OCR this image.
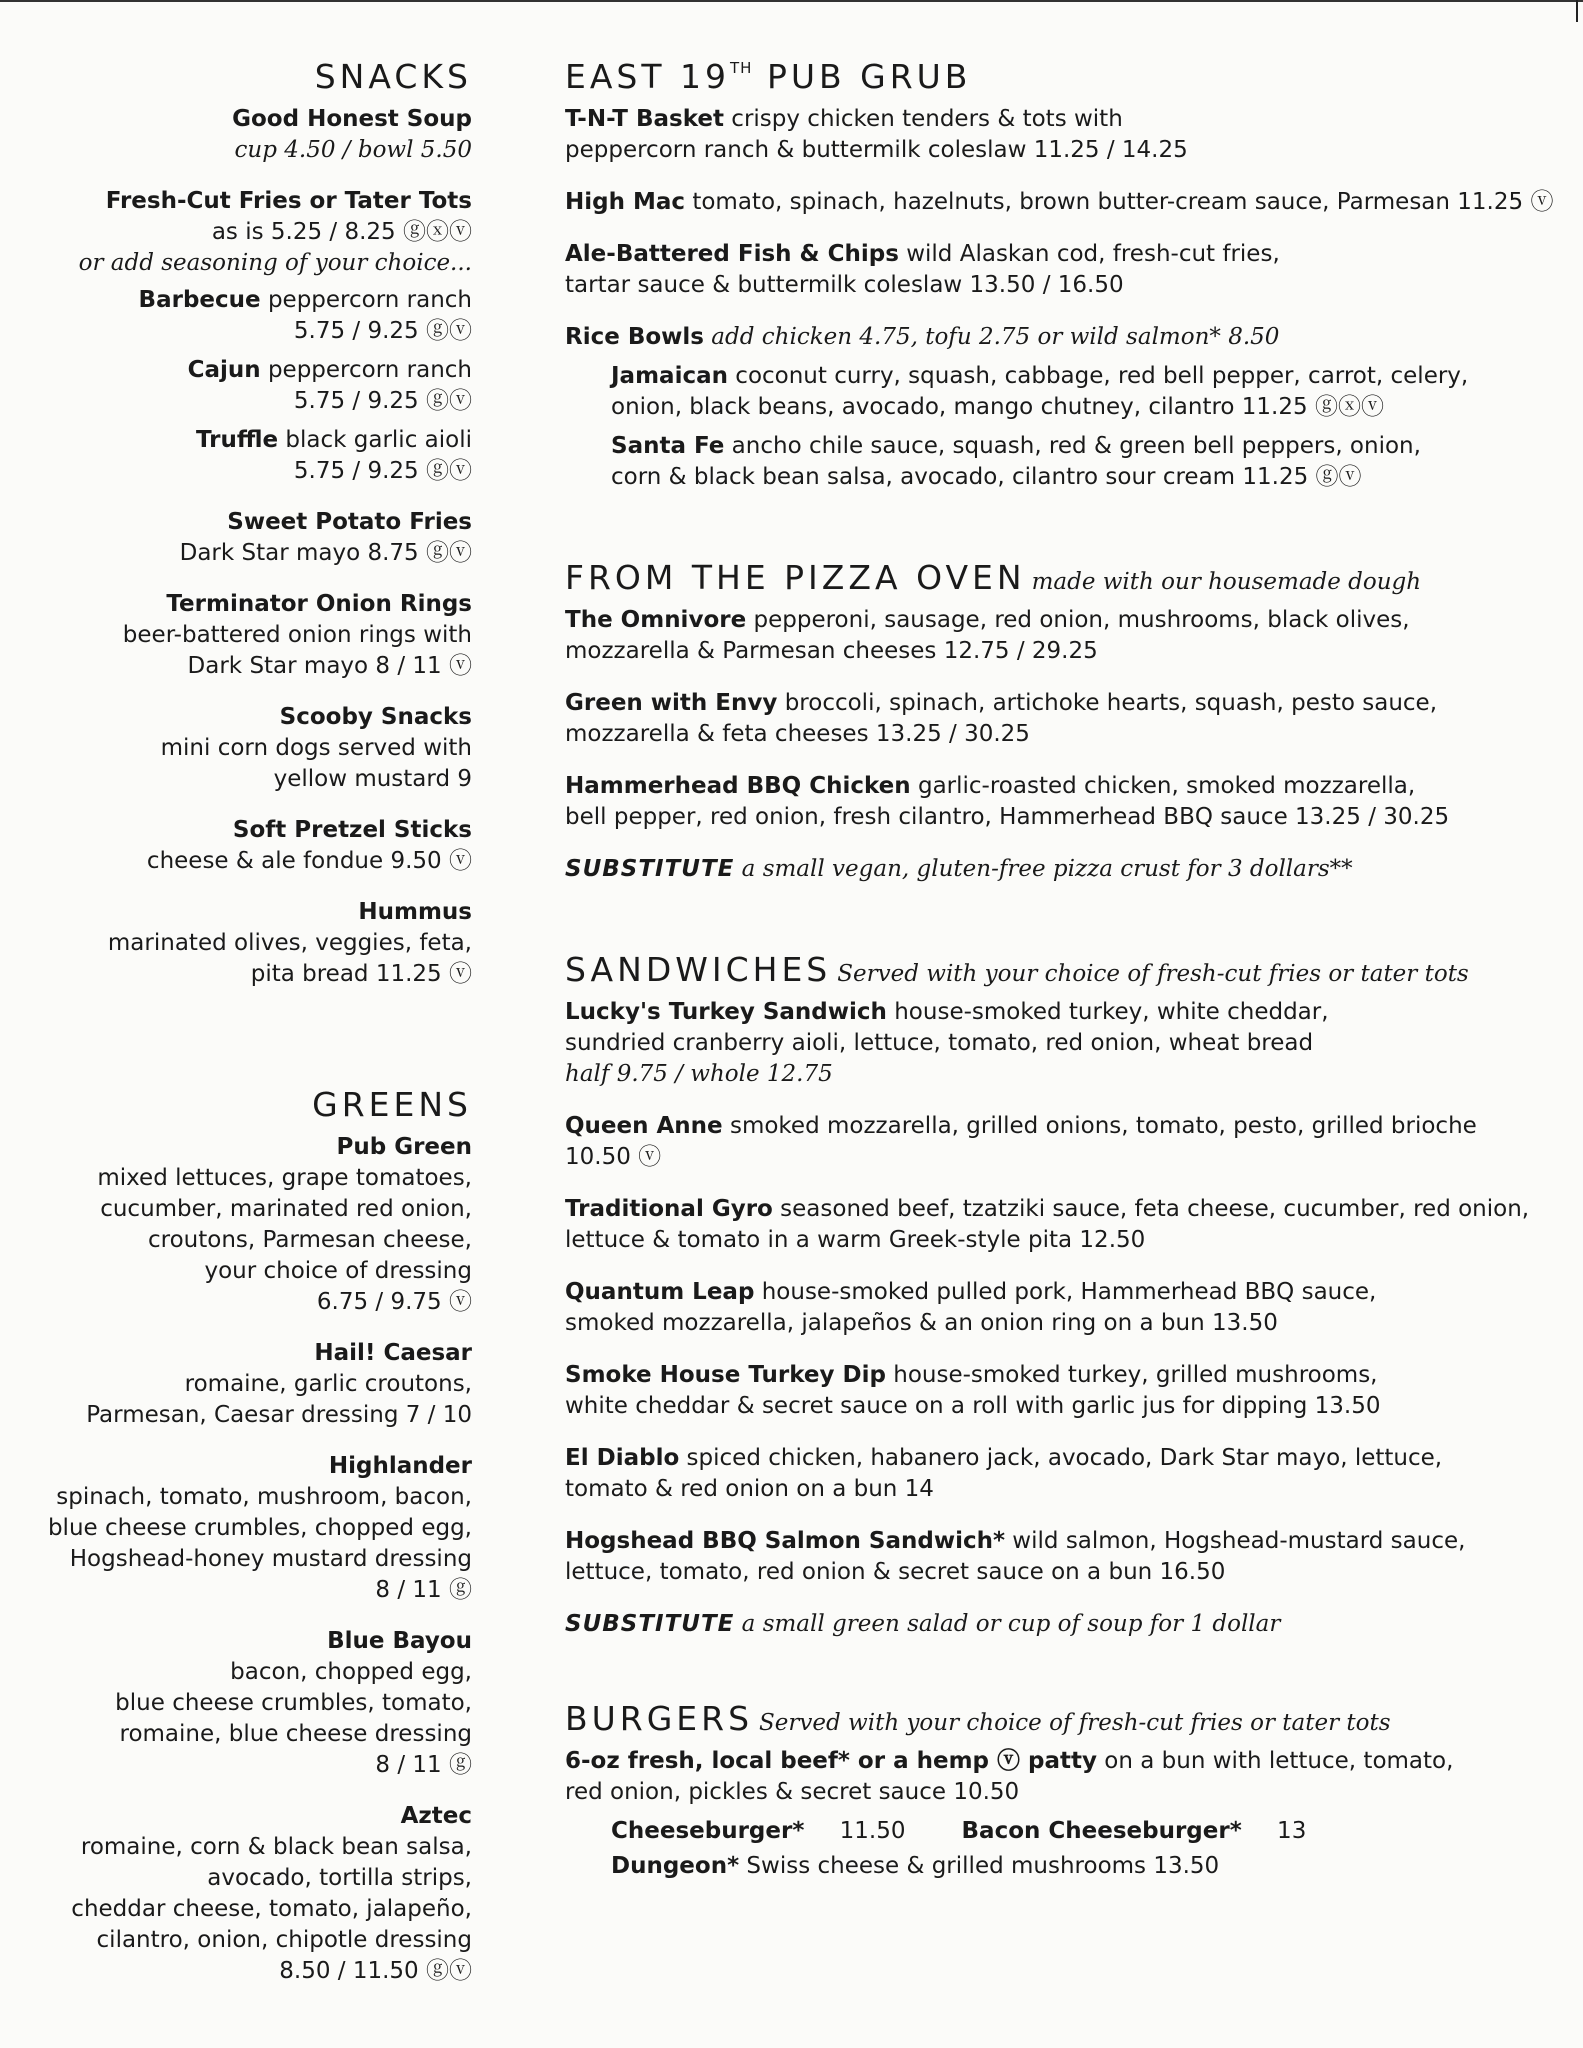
SNACKS
Good Honest Soup
cup 4.50 / bowl 5.50
Fresh-Cut Fries or Tater Tots
as is 5.25 / 8.25 ⓖⓧⓥ
or add seasoning of your choice...
Barbecue peppercorn ranch
5.75 / 9.25 ⓖⓥ
Cajun peppercorn ranch
5.75 / 9.25 ⓖⓥ
Truffle black garlic aioli
5.75 / 9.25 ⓖⓥ
Sweet Potato Fries
Dark Star mayo 8.75 ⓖⓥ
Terminator Onion Rings
beer-battered onion rings with
Dark Star mayo 8 / 11 ⓥ
Scooby Snacks
mini corn dogs served with
yellow mustard 9
Soft Pretzel Sticks
cheese & ale fondue 9.50 ⓥ
Hummus
marinated olives, veggies, feta,
pita bread 11.25 ⓥ
GREENS
Pub Green
mixed lettuces, grape tomatoes,
cucumber, marinated red onion,
croutons, Parmesan cheese,
your choice of dressing
6.75 / 9.75 ⓥ
Hail! Caesar
romaine, garlic croutons,
Parmesan, Caesar dressing 7 / 10
Highlander
spinach, tomato, mushroom, bacon,
blue cheese crumbles, chopped egg,
Hogshead-honey mustard dressing
8 / 11 ⓖ
Blue Bayou
bacon, chopped egg,
blue cheese crumbles, tomato,
romaine, blue cheese dressing
8 / 11 ⓖ
Aztec
romaine, corn & black bean salsa,
avocado, tortilla strips,
cheddar cheese, tomato, jalapeño,
cilantro, onion, chipotle dressing
8.50 / 11.50 ⓖⓥ
EAST 19TH PUB GRUB
T-N-T Basket crispy chicken tenders & tots with
peppercorn ranch & buttermilk coleslaw 11.25 / 14.25
High Mac tomato, spinach, hazelnuts, brown butter-cream sauce, Parmesan 11.25 ⓥ
Ale-Battered Fish & Chips wild Alaskan cod, fresh-cut fries,
tartar sauce & buttermilk coleslaw 13.50 / 16.50
Rice Bowls add chicken 4.75, tofu 2.75 or wild salmon* 8.50
Jamaican coconut curry, squash, cabbage, red bell pepper, carrot, celery,
onion, black beans, avocado, mango chutney, cilantro 11.25 ⓖⓧⓥ
Santa Fe ancho chile sauce, squash, red & green bell peppers, onion,
corn & black bean salsa, avocado, cilantro sour cream 11.25 ⓖⓥ
FROM THE PIZZA OVEN made with our housemade dough
The Omnivore pepperoni, sausage, red onion, mushrooms, black olives,
mozzarella & Parmesan cheeses 12.75 / 29.25
Green with Envy broccoli, spinach, artichoke hearts, squash, pesto sauce,
mozzarella & feta cheeses 13.25 / 30.25
Hammerhead BBQ Chicken garlic-roasted chicken, smoked mozzarella,
bell pepper, red onion, fresh cilantro, Hammerhead BBQ sauce 13.25 / 30.25
SUBSTITUTE a small vegan, gluten-free pizza crust for 3 dollars**
SANDWICHES Served with your choice of fresh-cut fries or tater tots
Lucky's Turkey Sandwich house-smoked turkey, white cheddar,
sundried cranberry aioli, lettuce, tomato, red onion, wheat bread
half 9.75 / whole 12.75
Queen Anne smoked mozzarella, grilled onions, tomato, pesto, grilled brioche
10.50 ⓥ
Traditional Gyro seasoned beef, tzatziki sauce, feta cheese, cucumber, red onion,
lettuce & tomato in a warm Greek-style pita 12.50
Quantum Leap house-smoked pulled pork, Hammerhead BBQ sauce,
smoked mozzarella, jalapeños & an onion ring on a bun 13.50
Smoke House Turkey Dip house-smoked turkey, grilled mushrooms,
white cheddar & secret sauce on a roll with garlic jus for dipping 13.50
El Diablo spiced chicken, habanero jack, avocado, Dark Star mayo, lettuce,
tomato & red onion on a bun 14
Hogshead BBQ Salmon Sandwich* wild salmon, Hogshead-mustard sauce,
lettuce, tomato, red onion & secret sauce on a bun 16.50
SUBSTITUTE a small green salad or cup of soup for 1 dollar
BURGERS Served with your choice of fresh-cut fries or tater tots
6-oz fresh, local beef* or a hemp ⓥ patty on a bun with lettuce, tomato,
red onion, pickles & secret sauce 10.50
Cheeseburger* 11.50 Bacon Cheeseburger* 13
Dungeon* Swiss cheese & grilled mushrooms 13.50
